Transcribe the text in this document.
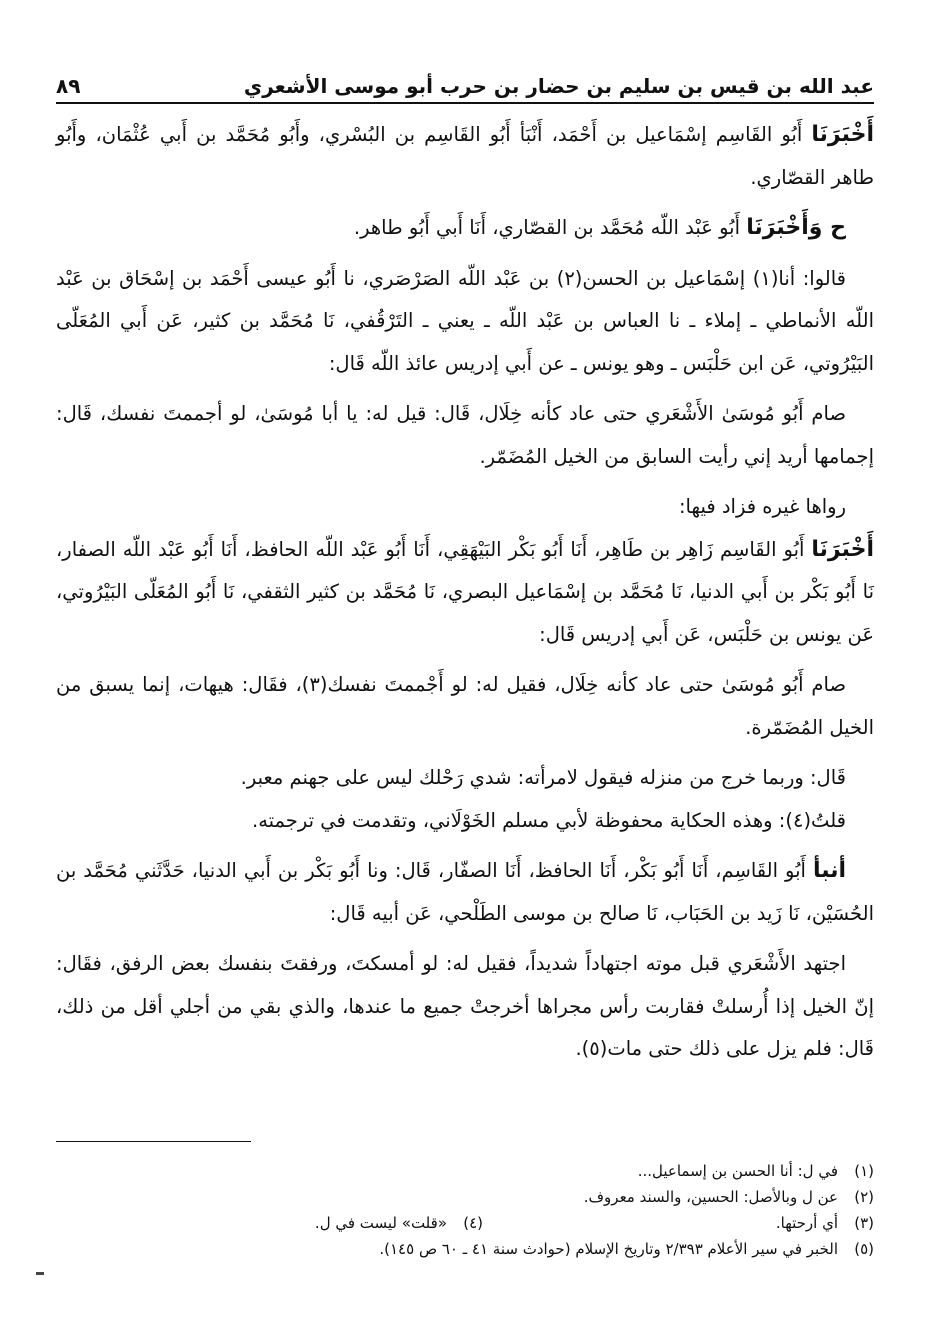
عبد الله بن قيس بن سليم بن حضار بن حرب أبو موسى الأشعري
٨٩

أَخْبَرَنَا أَبُو القَاسِم إسْمَاعيل بن أَحْمَد، أَنْبَأ أَبُو القَاسِم بن البُسْري، وأَبُو مُحَمَّد بن أَبي عُثْمَان، وأَبُو طاهر القصّاري.

ح وَأَخْبَرَنَا أَبُو عَبْد اللّه مُحَمَّد بن القصّاري، أَنَا أَبي أَبُو طاهر.

قالوا: أنا(١) إسْمَاعيل بن الحسن(٢) بن عَبْد اللّه الصَرْصَري، نا أَبُو عيسى أَحْمَد بن إسْحَاق بن عَبْد اللّه الأنماطي ـ إملاء ـ نا العباس بن عَبْد اللّه ـ يعني ـ التَرْقُفي، نَا مُحَمَّد بن كثير، عَن أَبي المُعَلّى البَيْرُوتي، عَن ابن حَلْبَس ـ وهو يونس ـ عن أَبي إدريس عائذ اللّه قَال:

صام أَبُو مُوسَىٰ الأَشْعَري حتى عاد كأنه خِلَال، قَال: قيل له: يا أبا مُوسَىٰ، لو أجممتَ نفسك، قَال: إجمامها أريد إني رأيت السابق من الخيل المُضَمّر.

رواها غيره فزاد فيها:

أَخْبَرَنَا أَبُو القَاسِم زَاهِر بن طَاهِر، أَنَا أَبُو بَكْر البَيْهَقِي، أَنَا أَبُو عَبْد اللّه الحافظ، أَنَا أَبُو عَبْد اللّه الصفار، نَا أَبُو بَكْر بن أَبي الدنيا، نَا مُحَمَّد بن إسْمَاعيل البصري، نَا مُحَمَّد بن كثير الثقفي، نَا أَبُو المُعَلّى البَيْرُوتي، عَن يونس بن حَلْبَس، عَن أَبي إدريس قَال:

صام أَبُو مُوسَىٰ حتى عاد كأنه خِلَال، فقيل له: لو أَجْممتَ نفسك(٣)، فقَال: هيهات، إنما يسبق من الخيل المُضَمّرة.

قَال: وربما خرج من منزله فيقول لامرأته: شدي رَحْلك ليس على جهنم معبر.

قلتُ(٤): وهذه الحكاية محفوظة لأبي مسلم الخَوْلَاني، وتقدمت في ترجمته.

أنبأ أَبُو القَاسِم، أَنَا أَبُو بَكْر، أَنَا الحافظ، أَنَا الصفّار، قَال: ونا أَبُو بَكْر بن أَبي الدنيا، حَدَّثَني مُحَمَّد بن الحُسَيْن، نَا زَيد بن الحَبَاب، نَا صالح بن موسى الطَلْحي، عَن أبيه قَال:

اجتهد الأَشْعَري قبل موته اجتهاداً شديداً، فقيل له: لو أمسكتَ، ورفقتَ بنفسك بعض الرفق، فقَال: إنّ الخيل إذا أُرسلتْ فقاربت رأس مجراها أخرجتْ جميع ما عندها، والذي بقي من أجلي أقل من ذلك، قَال: فلم يزل على ذلك حتى مات(٥).

(١)
في ل: أنا الحسن بن إسماعيل...
(٢)
عن ل وبالأصل: الحسين، والسند معروف.
(٣)
أي أرحتها.
(٤)
«قلت» ليست في ل.
(٥)
الخبر في سير الأعلام ٢/٣٩٣ وتاريخ الإسلام (حوادث سنة ٤١ ـ ٦٠ ص ١٤٥).
